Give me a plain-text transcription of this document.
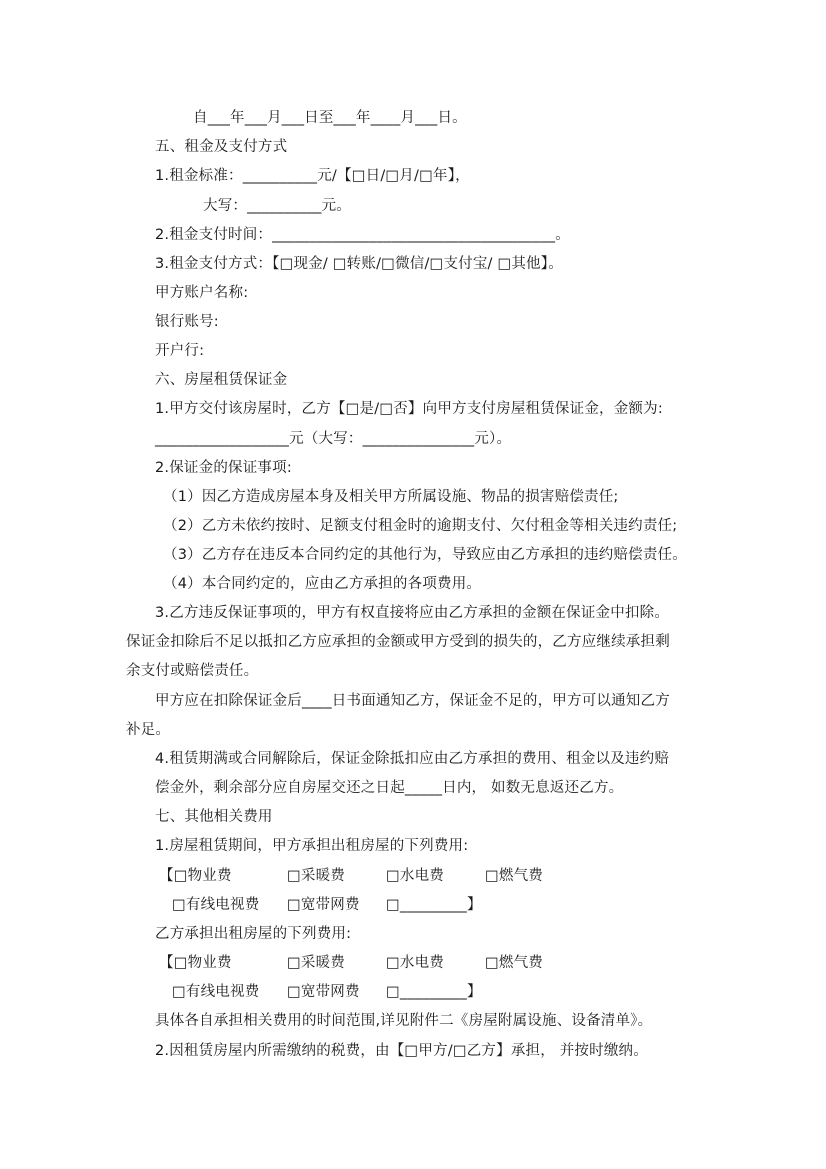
自___年___月___日至___年____月___日。
五、租金及支付方式
1.租金标准：__________元/【□日/□月/□年】，
大写：__________元。
2.租金支付时间：______________________________________。
3.租金支付方式：【□现金/ □转账/□微信/□支付宝/ □其他】。
甲方账户名称:
银行账号:
开户行:
六、房屋租赁保证金
1.甲方交付该房屋时，乙方【□是/□否】向甲方支付房屋租赁保证金，金额为:
__________________元（大写：_______________元）。
2.保证金的保证事项:
（1）因乙方造成房屋本身及相关甲方所属设施、物品的损害赔偿责任;
（2）乙方未依约按时、足额支付租金时的逾期支付、欠付租金等相关违约责任;
（3）乙方存在违反本合同约定的其他行为，导致应由乙方承担的违约赔偿责任。
（4）本合同约定的，应由乙方承担的各项费用。
3.乙方违反保证事项的，甲方有权直接将应由乙方承担的金额在保证金中扣除。
保证金扣除后不足以抵扣乙方应承担的金额或甲方受到的损失的，乙方应继续承担剩
余支付或赔偿责任。
甲方应在扣除保证金后____日书面通知乙方，保证金不足的，甲方可以通知乙方
补足。
4.租赁期满或合同解除后，保证金除抵扣应由乙方承担的费用、租金以及违约赔
偿金外，剩余部分应自房屋交还之日起_____日内， 如数无息返还乙方。
七、其他相关费用
1.房屋租赁期间，甲方承担出租房屋的下列费用:
【□物业费	□采暖费	□水电费	□燃气费
□有线电视费 □宽带网费 □_________】
乙方承担出租房屋的下列费用:
【□物业费	□采暖费	□水电费	□燃气费
□有线电视费 □宽带网费 □_________】
具体各自承担相关费用的时间范围,详见附件二《房屋附属设施、设备清单》。
2.因租赁房屋内所需缴纳的税费，由【□甲方/□乙方】承担， 并按时缴纳。
